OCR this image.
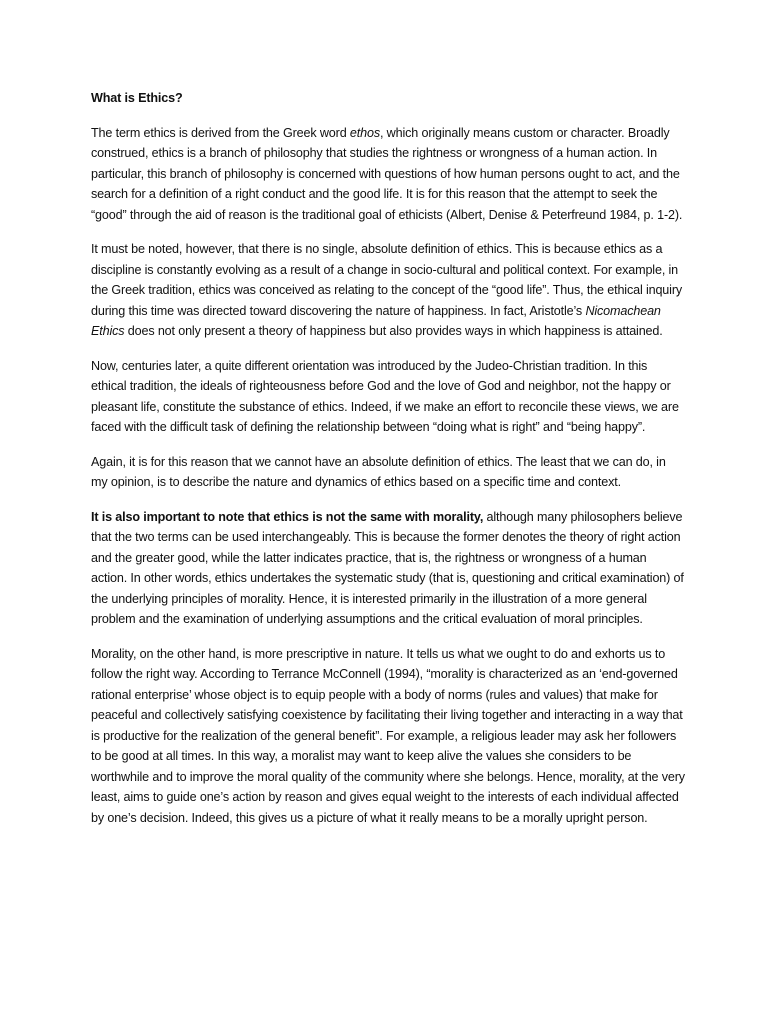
What is Ethics?

The term ethics is derived from the Greek word ethos, which originally means custom or character. Broadly construed, ethics is a branch of philosophy that studies the rightness or wrongness of a human action. In particular, this branch of philosophy is concerned with questions of how human persons ought to act, and the search for a definition of a right conduct and the good life. It is for this reason that the attempt to seek the “good” through the aid of reason is the traditional goal of ethicists (Albert, Denise & Peterfreund 1984, p. 1-2).

It must be noted, however, that there is no single, absolute definition of ethics. This is because ethics as a discipline is constantly evolving as a result of a change in socio-cultural and political context. For example, in the Greek tradition, ethics was conceived as relating to the concept of the “good life”. Thus, the ethical inquiry during this time was directed toward discovering the nature of happiness. In fact, Aristotle’s Nicomachean Ethics does not only present a theory of happiness but also provides ways in which happiness is attained.

Now, centuries later, a quite different orientation was introduced by the Judeo-Christian tradition. In this ethical tradition, the ideals of righteousness before God and the love of God and neighbor, not the happy or pleasant life, constitute the substance of ethics. Indeed, if we make an effort to reconcile these views, we are faced with the difficult task of defining the relationship between “doing what is right” and “being happy”.

Again, it is for this reason that we cannot have an absolute definition of ethics. The least that we can do, in my opinion, is to describe the nature and dynamics of ethics based on a specific time and context.

It is also important to note that ethics is not the same with morality, although many philosophers believe that the two terms can be used interchangeably. This is because the former denotes the theory of right action and the greater good, while the latter indicates practice, that is, the rightness or wrongness of a human action. In other words, ethics undertakes the systematic study (that is, questioning and critical examination) of the underlying principles of morality. Hence, it is interested primarily in the illustration of a more general problem and the examination of underlying assumptions and the critical evaluation of moral principles.

Morality, on the other hand, is more prescriptive in nature. It tells us what we ought to do and exhorts us to follow the right way. According to Terrance McConnell (1994), “morality is characterized as an ‘end-governed rational enterprise’ whose object is to equip people with a body of norms (rules and values) that make for peaceful and collectively satisfying coexistence by facilitating their living together and interacting in a way that is productive for the realization of the general benefit”. For example, a religious leader may ask her followers to be good at all times. In this way, a moralist may want to keep alive the values she considers to be worthwhile and to improve the moral quality of the community where she belongs. Hence, morality, at the very least, aims to guide one’s action by reason and gives equal weight to the interests of each individual affected by one’s decision. Indeed, this gives us a picture of what it really means to be a morally upright person.
